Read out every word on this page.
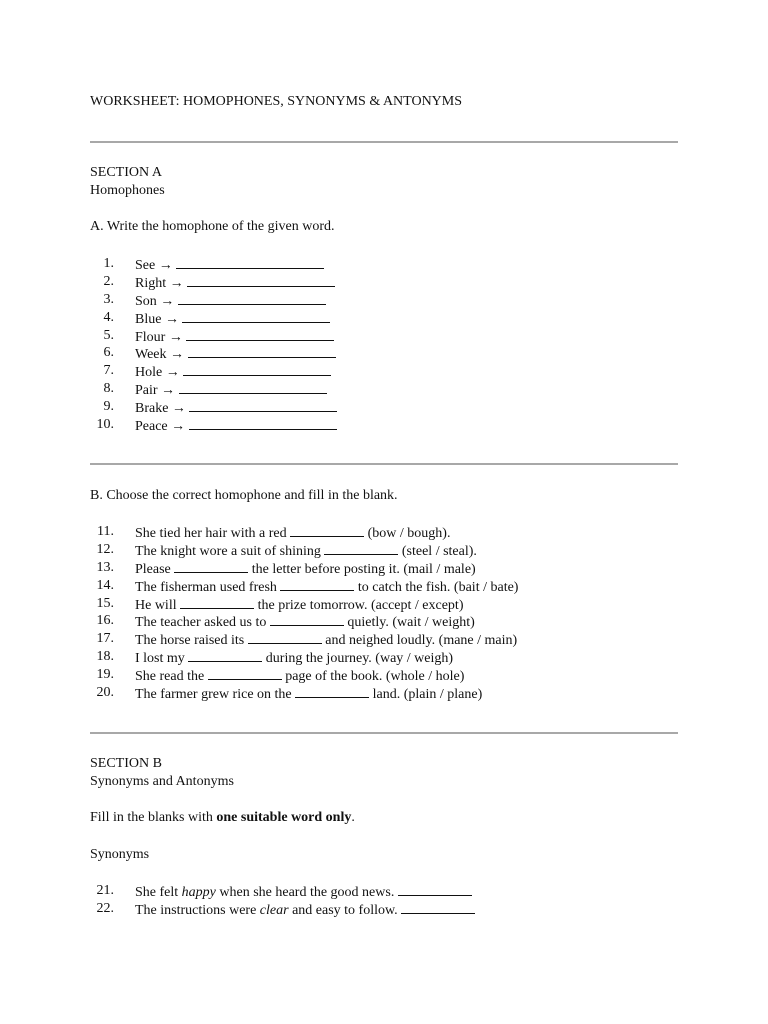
WORKSHEET: HOMOPHONES, SYNONYMS & ANTONYMS
SECTION A
Homophones
A. Write the homophone of the given word.
1. See →
2. Right →
3. Son →
4. Blue →
5. Flour →
6. Week →
7. Hole →
8. Pair →
9. Brake →
10. Peace →
B. Choose the correct homophone and fill in the blank.
11. She tied her hair with a red	(bow / bough).
12. The knight wore a suit of shining	(steel / steal).
13. Please	the letter before posting it. (mail / male)
14. The fisherman used fresh	to catch the fish. (bait / bate)
15. He will	the prize tomorrow. (accept / except)
16. The teacher asked us to	quietly. (wait / weight)
17. The horse raised its	and neighed loudly. (mane / main)
18. I lost my	during the journey. (way / weigh)
19. She read the	page of the book. (whole / hole)
20. The farmer grew rice on the	land. (plain / plane)
SECTION B
Synonyms and Antonyms
Fill in the blanks with one suitable word only.
Synonyms
21. She felt happy when she heard the good news.
22. The instructions were clear and easy to follow.
